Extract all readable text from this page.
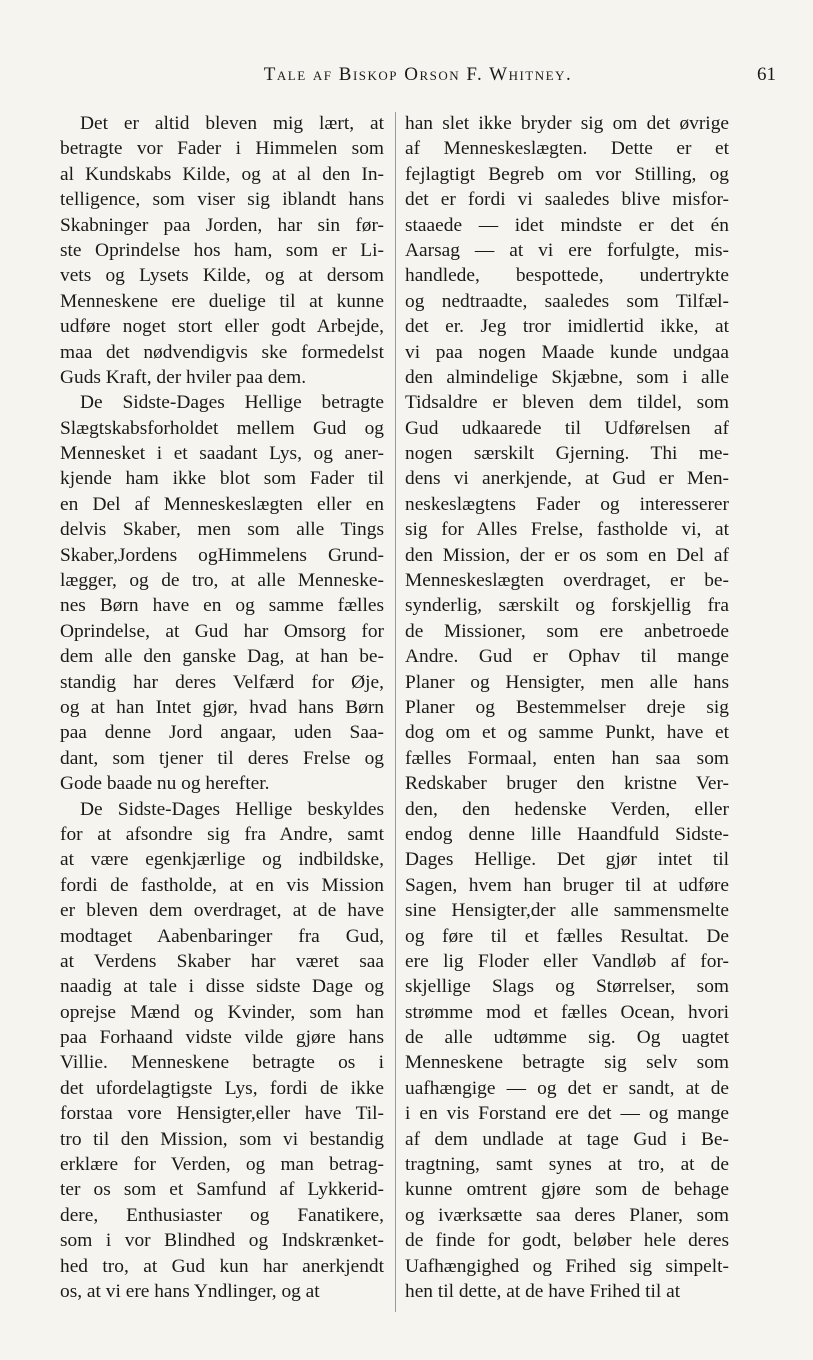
Tale af Biskop Orson F. Whitney.	61
Det er altid bleven mig lært, at
betragte vor Fader i Himmelen som
al Kundskabs Kilde, og at al den In-
telligence, som viser sig iblandt hans
Skabninger paa Jorden, har sin før-
ste Oprindelse hos ham, som er Li-
vets og Lysets Kilde, og at dersom
Menneskene ere duelige til at kunne
udføre noget stort eller godt Arbejde,
maa det nødvendigvis ske formedelst
Guds Kraft, der hviler paa dem.
De Sidste-Dages Hellige betragte
Slægtskabsforholdet mellem Gud og
Mennesket i et saadant Lys, og aner-
kjende ham ikke blot som Fader til
en Del af Menneskeslægten eller en
delvis Skaber, men som alle Tings
Skaber,Jordens ogHimmelens Grund-
lægger, og de tro, at alle Menneske-
nes Børn have en og samme fælles
Oprindelse, at Gud har Omsorg for
dem alle den ganske Dag, at han be-
standig har deres Velfærd for Øje,
og at han Intet gjør, hvad hans Børn
paa denne Jord angaar, uden Saa-
dant, som tjener til deres Frelse og
Gode baade nu og herefter.
De Sidste-Dages Hellige beskyldes
for at afsondre sig fra Andre, samt
at være egenkjærlige og indbildske,
fordi de fastholde, at en vis Mission
er bleven dem overdraget, at de have
modtaget Aabenbaringer fra Gud,
at Verdens Skaber har været saa
naadig at tale i disse sidste Dage og
oprejse Mænd og Kvinder, som han
paa Forhaand vidste vilde gjøre hans
Villie. Menneskene betragte os i
det ufordelagtigste Lys, fordi de ikke
forstaa vore Hensigter,eller have Til-
tro til den Mission, som vi bestandig
erklære for Verden, og man betrag-
ter os som et Samfund af Lykkerid-
dere, Enthusiaster og Fanatikere,
som i vor Blindhed og Indskrænket-
hed tro, at Gud kun har anerkjendt
os, at vi ere hans Yndlinger, og at
han slet ikke bryder sig om det øvrige
af Menneskeslægten. Dette er et
fejlagtigt Begreb om vor Stilling, og
det er fordi vi saaledes blive misfor-
staaede — idet mindste er det én
Aarsag — at vi ere forfulgte, mis-
handlede, bespottede, undertrykte
og nedtraadte, saaledes som Tilfæl-
det er. Jeg tror imidlertid ikke, at
vi paa nogen Maade kunde undgaa
den almindelige Skjæbne, som i alle
Tidsaldre er bleven dem tildel, som
Gud udkaarede til Udførelsen af
nogen særskilt Gjerning. Thi me-
dens vi anerkjende, at Gud er Men-
neskeslægtens Fader og interesserer
sig for Alles Frelse, fastholde vi, at
den Mission, der er os som en Del af
Menneskeslægten overdraget, er be-
synderlig, særskilt og forskjellig fra
de Missioner, som ere anbetroede
Andre. Gud er Ophav til mange
Planer og Hensigter, men alle hans
Planer og Bestemmelser dreje sig
dog om et og samme Punkt, have et
fælles Formaal, enten han saa som
Redskaber bruger den kristne Ver-
den, den hedenske Verden, eller
endog denne lille Haandfuld Sidste-
Dages Hellige. Det gjør intet til
Sagen, hvem han bruger til at udføre
sine Hensigter,der alle sammensmelte
og føre til et fælles Resultat. De
ere lig Floder eller Vandløb af for-
skjellige Slags og Størrelser, som
strømme mod et fælles Ocean, hvori
de alle udtømme sig. Og uagtet
Menneskene betragte sig selv som
uafhængige — og det er sandt, at de
i en vis Forstand ere det — og mange
af dem undlade at tage Gud i Be-
tragtning, samt synes at tro, at de
kunne omtrent gjøre som de behage
og iværksætte saa deres Planer, som
de finde for godt, beløber hele deres
Uafhængighed og Frihed sig simpelt-
hen til dette, at de have Frihed til at
